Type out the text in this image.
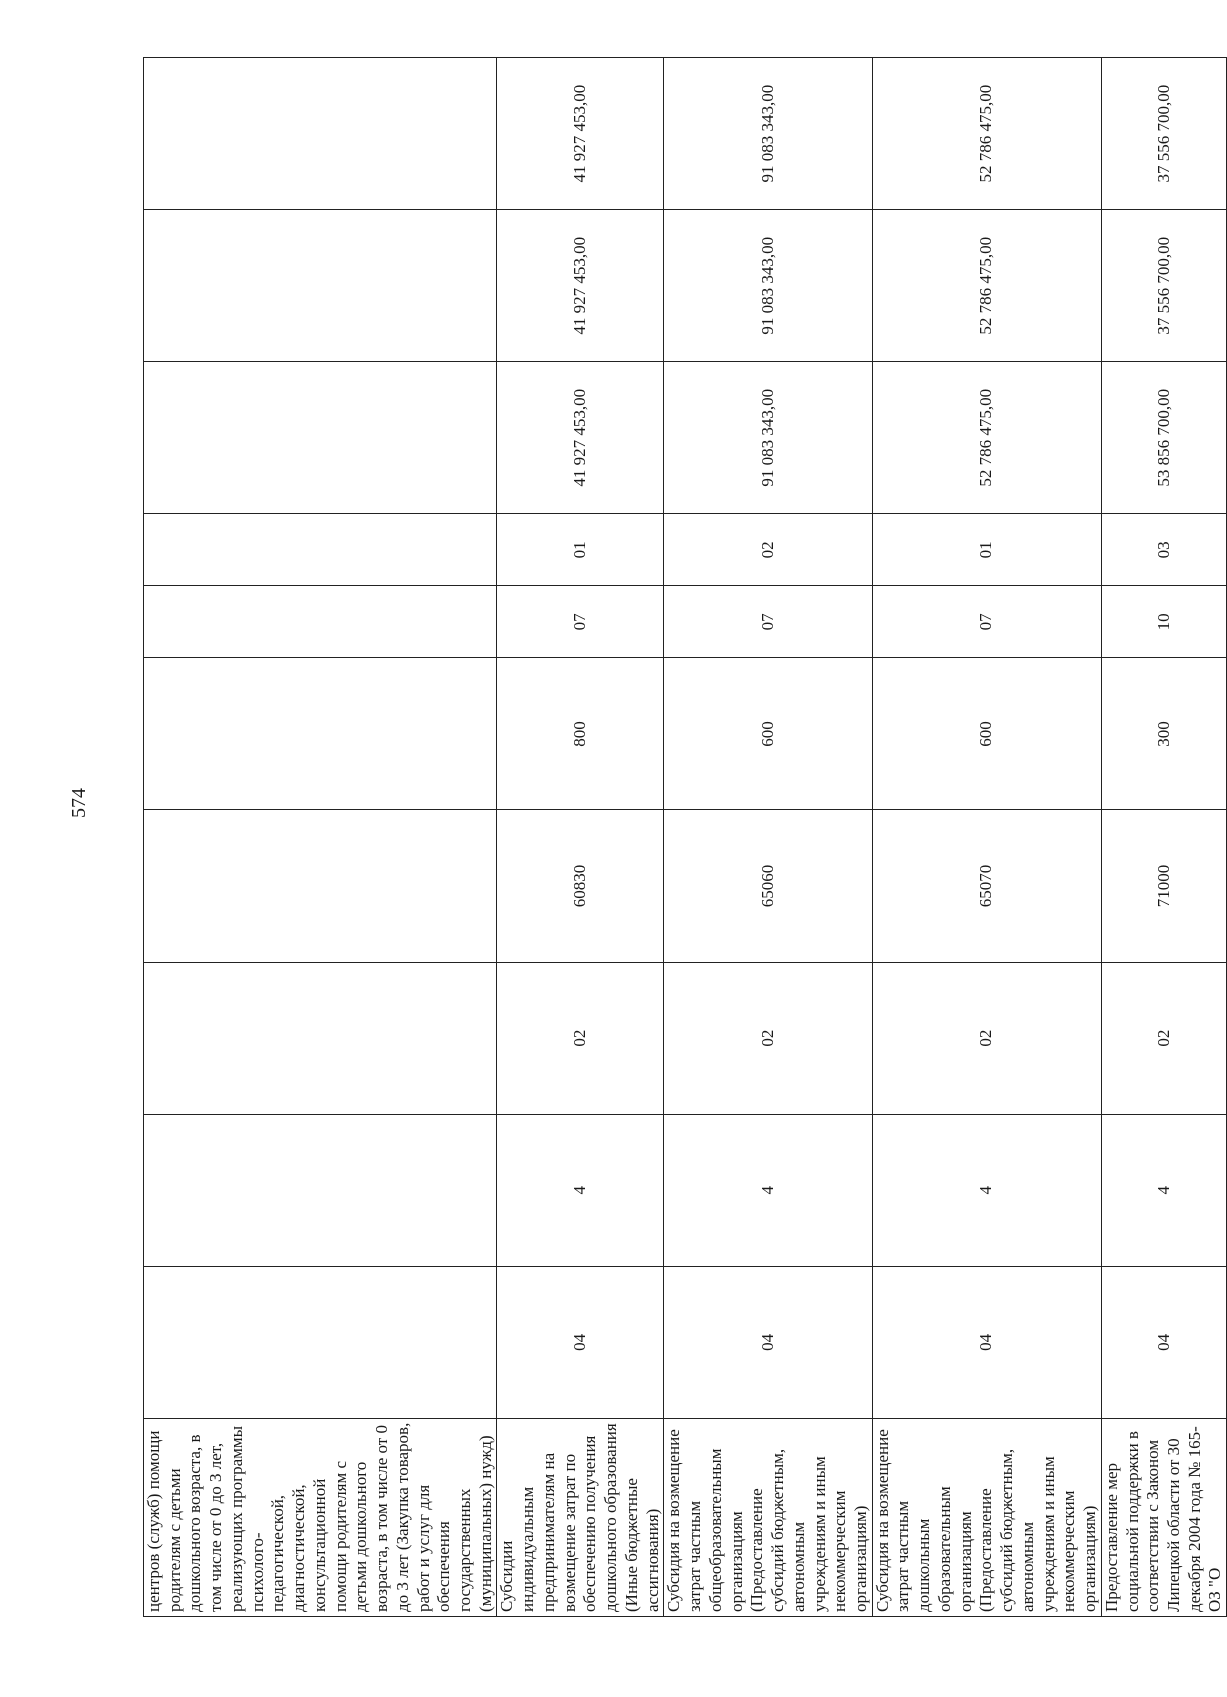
574
центров (служб) помощи родителям с детьми дошкольного возраста, в том числе от 0 до 3 лет, реализующих программы психолого-педагогической, диагностической, консультационной помощи родителям с детьми дошкольного возраста, в том числе от 0 до 3 лет (Закупка товаров, работ и услуг для обеспечения государственных (муниципальных) нужд)										
Субсидии индивидуальным предпринимателям на возмещение затрат по обеспечению получения дошкольного образования (Иные бюджетные ассигнования)	04	4	02	60830	800	07	01	41 927 453,00	41 927 453,00	41 927 453,00
Субсидия на возмещение затрат частным общеобразовательным организациям (Предоставление субсидий бюджетным, автономным учреждениям и иным некоммерческим организациям)	04	4	02	65060	600	07	02	91 083 343,00	91 083 343,00	91 083 343,00
Субсидия на возмещение затрат частным дошкольным образовательным организациям (Предоставление субсидий бюджетным, автономным учреждениям и иным некоммерческим организациям)	04	4	02	65070	600	07	01	52 786 475,00	52 786 475,00	52 786 475,00
Предоставление мер социальной поддержки в соответствии с Законом Липецкой области от 30 декабря 2004 года № 165-ОЗ "О	04	4	02	71000	300	10	03	53 856 700,00	37 556 700,00	37 556 700,00
